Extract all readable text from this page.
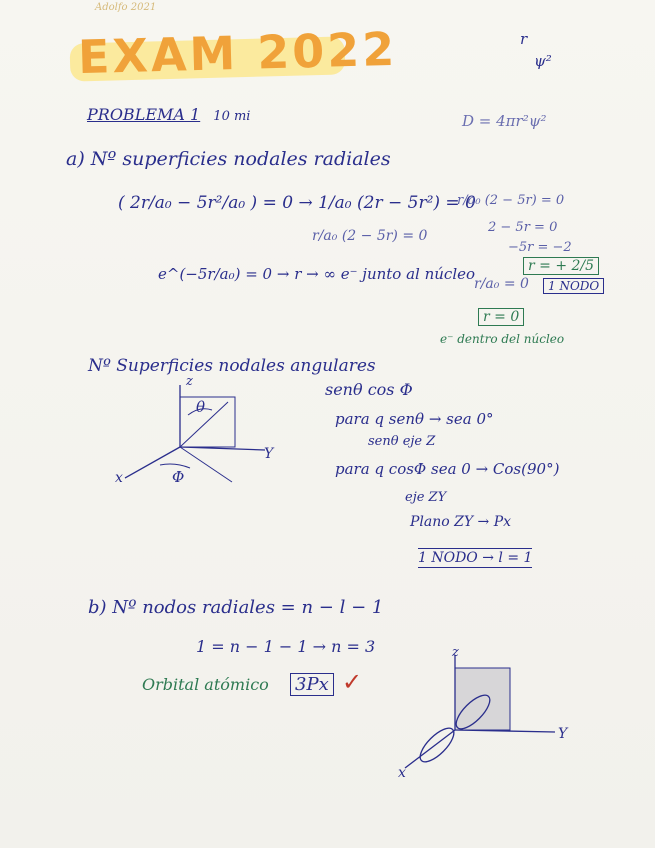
Adolfo 2021
EXAM 2022	r
ψ²
D = 4πr²ψ²
PROBLEMA 1 10 mi
a) Nº superficies nodales radiales
( 2r/a₀ − 5r²/a₀ ) = 0 → 1/a₀ (2r − 5r²) = 0
r/a₀ (2 − 5r) = 0
r/a₀ (2 − 5r) = 0
2 − 5r = 0
−5r = −2
r = + 2/5
r/a₀ = 0	1 NODO
e^(−5r/a₀) = 0 → r → ∞ e⁻ junto al núcleo
r = 0
e⁻ dentro del núcleo
Nº Superficies nodales angulares
z
Y
x
θ
Φ
senθ cos Φ
para q senθ → sea 0°
senθ eje Z
para q cosΦ sea 0 → Cos(90°)
eje ZY
Plano ZY → Px
1 NODO → l = 1
b) Nº nodos radiales = n − l − 1
1 = n − 1 − 1 → n = 3
Orbital atómico 3Px ✓
z
Y
x
